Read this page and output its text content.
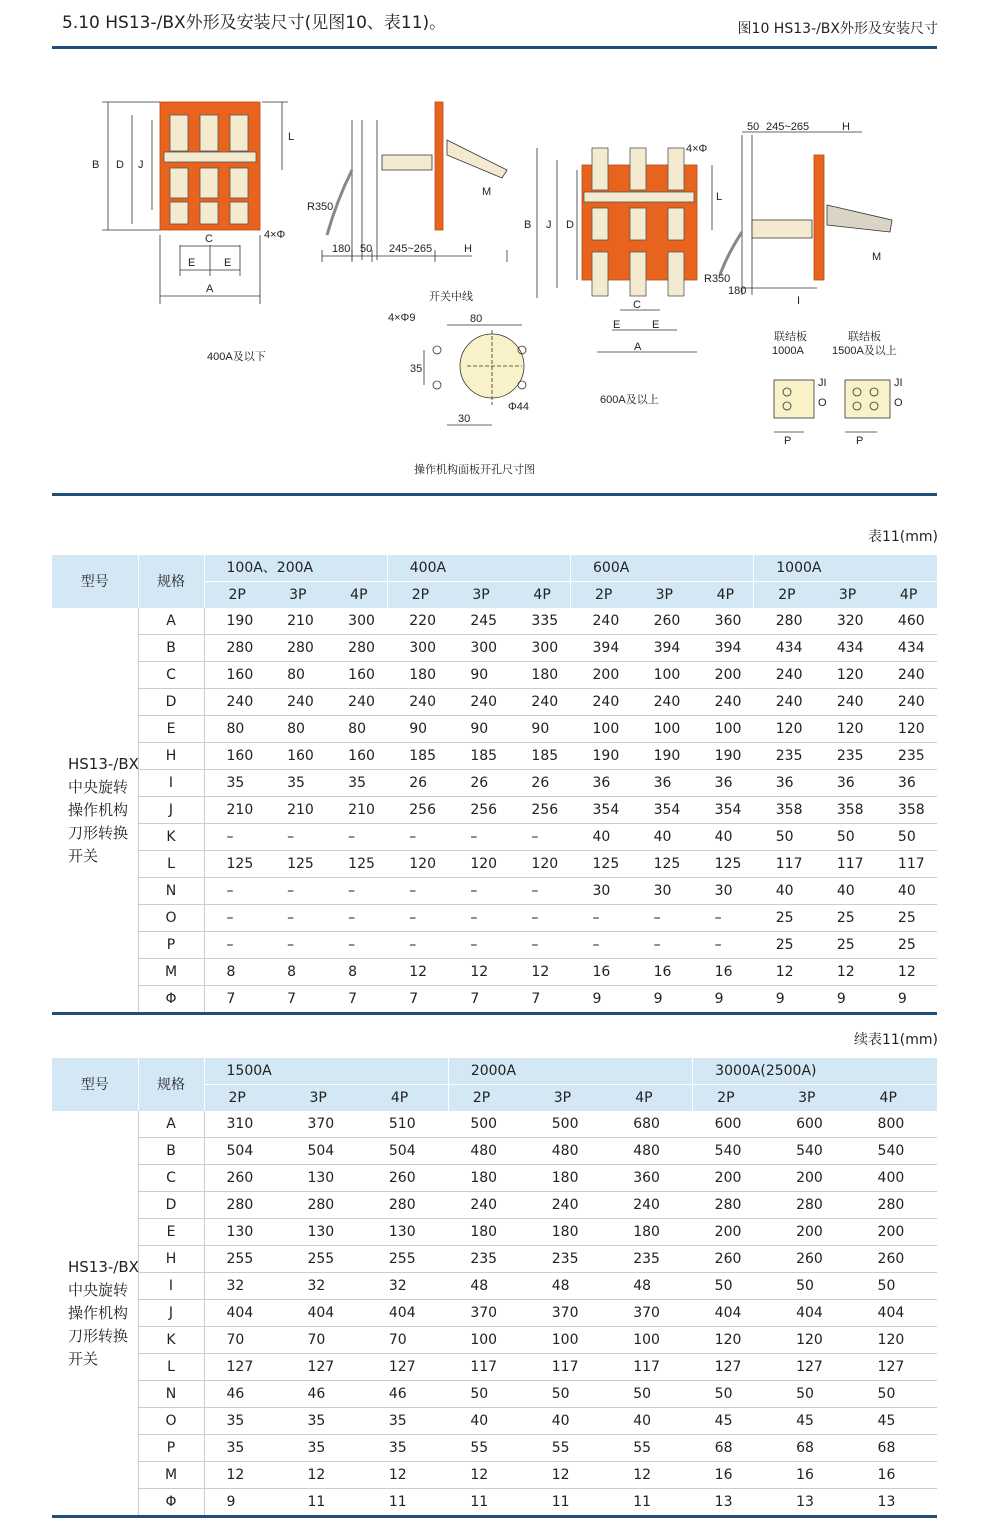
5.10 HS13-/BX外形及安装尺寸(见图10、表11)。	图10 HS13-/BX外形及安装尺寸
B D J
L
C
E	E
A
4×Φ
R350
180 50 245~265	H
M
400A及以下
开关中线
4×Φ9	80
35
30
Φ44
操作机构面板开孔尺寸图
B J D
L
4×Φ
C
E	E
A
R350
180
50 245~265	H
M
I
600A及以上
联结板
1000A
联结板
1500A及以上
P	P
O	O
JI	JI
表11(mm)
型号	规格	100A、200A			400A			600A			1000A		
		2P	3P	4P	2P	3P	4P	2P	3P	4P	2P	3P	4P
HS13-/BX中央旋转操作机构刀形转换开关	A	190	210	300	220	245	335	240	260	360	280	320	460
	B	280	280	280	300	300	300	394	394	394	434	434	434
	C	160	80	160	180	90	180	200	100	200	240	120	240
	D	240	240	240	240	240	240	240	240	240	240	240	240
	E	80	80	80	90	90	90	100	100	100	120	120	120
	H	160	160	160	185	185	185	190	190	190	235	235	235
	I	35	35	35	26	26	26	36	36	36	36	36	36
	J	210	210	210	256	256	256	354	354	354	358	358	358
	K	–	–	–	–	–	–	40	40	40	50	50	50
	L	125	125	125	120	120	120	125	125	125	117	117	117
	N	–	–	–	–	–	–	30	30	30	40	40	40
	O	–	–	–	–	–	–	–	–	–	25	25	25
	P	–	–	–	–	–	–	–	–	–	25	25	25
	M	8	8	8	12	12	12	16	16	16	12	12	12
	Φ	7	7	7	7	7	7	9	9	9	9	9	9
续表11(mm)
型号	规格	1500A			2000A			3000A(2500A)		
		2P	3P	4P	2P	3P	4P	2P	3P	4P
HS13-/BX中央旋转操作机构刀形转换开关	A	310	370	510	500	500	680	600	600	800
	B	504	504	504	480	480	480	540	540	540
	C	260	130	260	180	180	360	200	200	400
	D	280	280	280	240	240	240	280	280	280
	E	130	130	130	180	180	180	200	200	200
	H	255	255	255	235	235	235	260	260	260
	I	32	32	32	48	48	48	50	50	50
	J	404	404	404	370	370	370	404	404	404
	K	70	70	70	100	100	100	120	120	120
	L	127	127	127	117	117	117	127	127	127
	N	46	46	46	50	50	50	50	50	50
	O	35	35	35	40	40	40	45	45	45
	P	35	35	35	55	55	55	68	68	68
	M	12	12	12	12	12	12	16	16	16
	Φ	9	11	11	11	11	11	13	13	13
